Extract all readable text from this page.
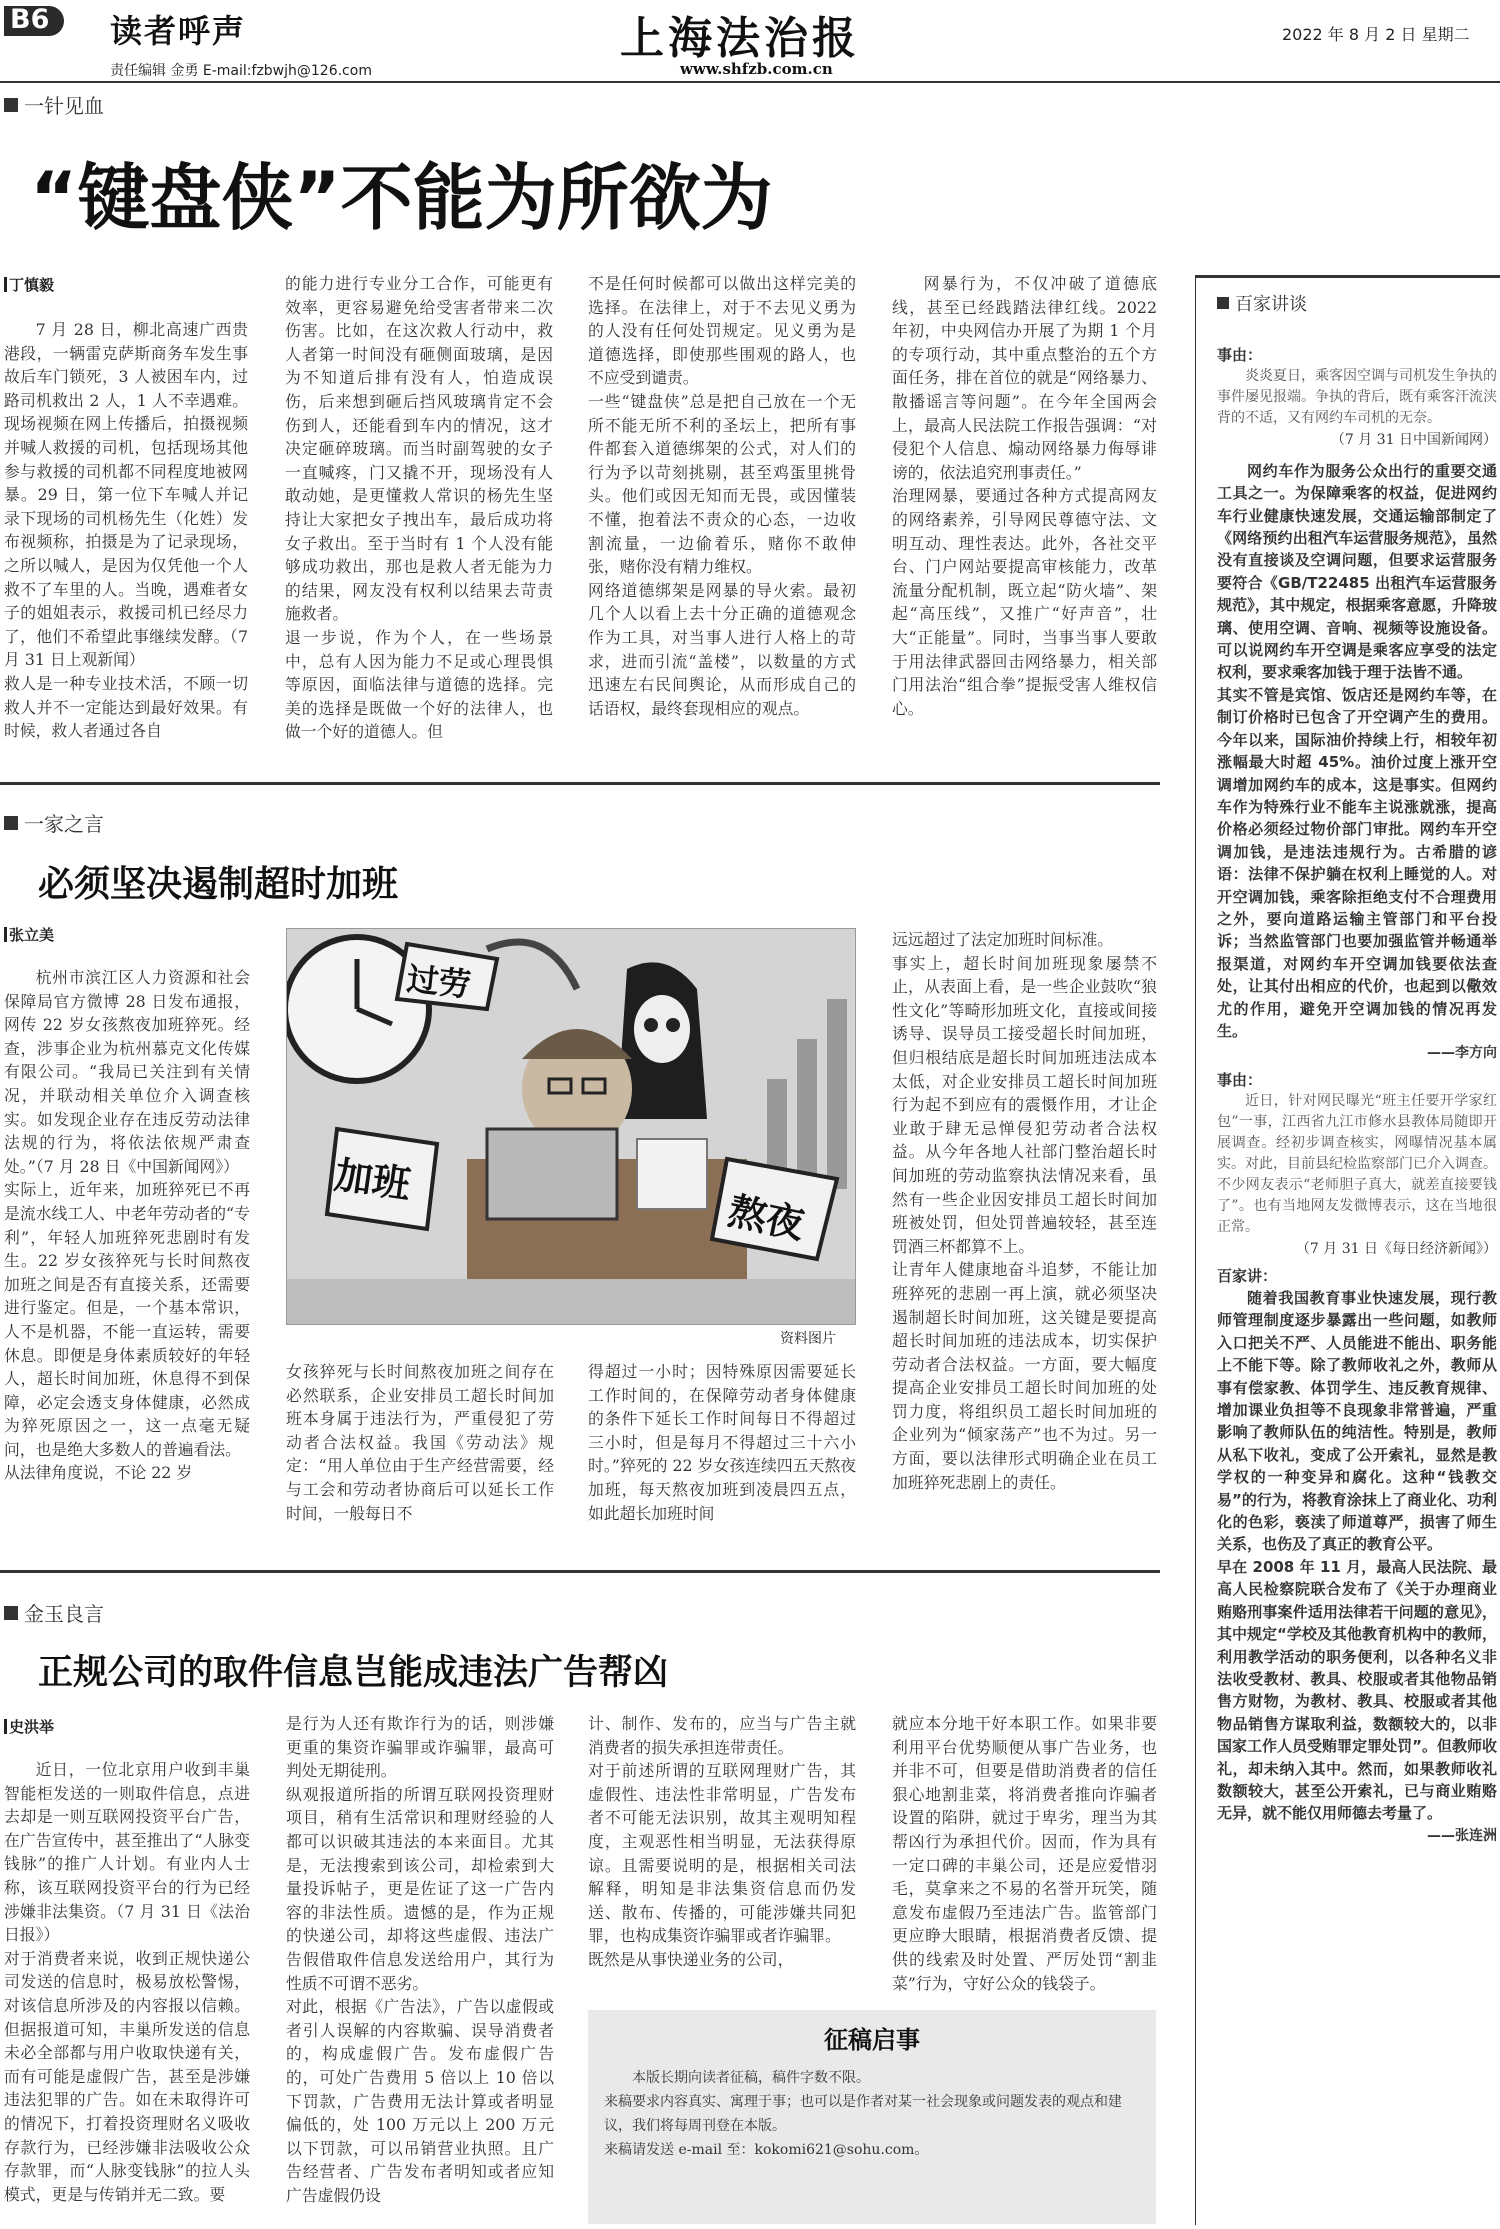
B6 读者呼声
责任编辑 金勇 E-mail:fzbwjh@126.com
上海法治报
www.shfzb.com.cn
2022 年 8 月 2 日 星期二
一针见血
“键盘侠”不能为所欲为
丁慎毅
7 月 28 日，柳北高速广西贵港段，一辆雷克萨斯商务车发生事故后车门锁死，3 人被困车内，过路司机救出 2 人，1 人不幸遇难。现场视频在网上传播后，拍摄视频并喊人救援的司机，包括现场其他参与救援的司机都不同程度地被网暴。29 日，第一位下车喊人并记录下现场的司机杨先生（化姓）发布视频称，拍摄是为了记录现场，之所以喊人，是因为仅凭他一个人救不了车里的人。当晚，遇难者女子的姐姐表示，救援司机已经尽力了，他们不希望此事继续发酵。（7 月 31 日上观新闻）
救人是一种专业技术活，不顾一切救人并不一定能达到最好效果。有时候，救人者通过各自
的能力进行专业分工合作，可能更有效率，更容易避免给受害者带来二次伤害。比如，在这次救人行动中，救人者第一时间没有砸侧面玻璃，是因为不知道后排有没有人，怕造成误伤，后来想到砸后挡风玻璃肯定不会伤到人，还能看到车内的情况，这才决定砸碎玻璃。而当时副驾驶的女子一直喊疼，门又撬不开，现场没有人敢动她，是更懂救人常识的杨先生坚持让大家把女子拽出车，最后成功将女子救出。至于当时有 1 个人没有能够成功救出，那也是救人者无能为力的结果，网友没有权利以结果去苛责施救者。
退一步说，作为个人，在一些场景中，总有人因为能力不足或心理畏惧等原因，面临法律与道德的选择。完美的选择是既做一个好的法律人，也做一个好的道德人。但
不是任何时候都可以做出这样完美的选择。在法律上，对于不去见义勇为的人没有任何处罚规定。见义勇为是道德选择，即使那些围观的路人，也不应受到谴责。
一些“键盘侠”总是把自己放在一个无所不能无所不利的圣坛上，把所有事件都套入道德绑架的公式，对人们的行为予以苛刻挑剔，甚至鸡蛋里挑骨头。他们或因无知而无畏，或因懂装不懂，抱着法不责众的心态，一边收割流量，一边偷着乐，赌你不敢伸张，赌你没有精力维权。
网络道德绑架是网暴的导火索。最初几个人以看上去十分正确的道德观念作为工具，对当事人进行人格上的苛求，进而引流“盖楼”，以数量的方式迅速左右民间舆论，从而形成自己的话语权，最终套现相应的观点。
网暴行为，不仅冲破了道德底线，甚至已经践踏法律红线。2022 年初，中央网信办开展了为期 1 个月的专项行动，其中重点整治的五个方面任务，排在首位的就是“网络暴力、散播谣言等问题”。在今年全国两会上，最高人民法院工作报告强调：“对侵犯个人信息、煽动网络暴力侮辱诽谤的，依法追究刑事责任。”
治理网暴，要通过各种方式提高网友的网络素养，引导网民尊德守法、文明互动、理性表达。此外，各社交平台、门户网站要提高审核能力，改革流量分配机制，既立起“防火墙”、架起“高压线”，又推广“好声音”，壮大“正能量”。同时，当事当事人要敢于用法律武器回击网络暴力，相关部门用法治“组合拳”提振受害人维权信心。
一家之言
必须坚决遏制超时加班
张立美
杭州市滨江区人力资源和社会保障局官方微博 28 日发布通报，网传 22 岁女孩熬夜加班猝死。经查，涉事企业为杭州慕克文化传媒有限公司。“我局已关注到有关情况，并联动相关单位介入调查核实。如发现企业存在违反劳动法律法规的行为，将依法依规严肃查处。”（7 月 28 日《中国新闻网》）
实际上，近年来，加班猝死已不再是流水线工人、中老年劳动者的“专利”，年轻人加班猝死悲剧时有发生。22 岁女孩猝死与长时间熬夜加班之间是否有直接关系，还需要进行鉴定。但是，一个基本常识，人不是机器，不能一直运转，需要休息。即便是身体素质较好的年轻人，超长时间加班，休息得不到保障，必定会透支身体健康，必然成为猝死原因之一，这一点毫无疑问，也是绝大多数人的普遍看法。
从法律角度说，不论 22 岁
过劳
加班
熬夜
资料图片
女孩猝死与长时间熬夜加班之间存在必然联系，企业安排员工超长时间加班本身属于违法行为，严重侵犯了劳动者合法权益。我国《劳动法》规定：“用人单位由于生产经营需要，经与工会和劳动者协商后可以延长工作时间，一般每日不
得超过一小时；因特殊原因需要延长工作时间的，在保障劳动者身体健康的条件下延长工作时间每日不得超过三小时，但是每月不得超过三十六小时。”猝死的 22 岁女孩连续四五天熬夜加班，每天熬夜加班到凌晨四五点，如此超长加班时间
远远超过了法定加班时间标准。
事实上，超长时间加班现象屡禁不止，从表面上看，是一些企业鼓吹“狼性文化”等畸形加班文化，直接或间接诱导、误导员工接受超长时间加班，但归根结底是超长时间加班违法成本太低，对企业安排员工超长时间加班行为起不到应有的震慑作用，才让企业敢于肆无忌惮侵犯劳动者合法权益。从今年各地人社部门整治超长时间加班的劳动监察执法情况来看，虽然有一些企业因安排员工超长时间加班被处罚，但处罚普遍较轻，甚至连罚酒三杯都算不上。
让青年人健康地奋斗追梦，不能让加班猝死的悲剧一再上演，就必须坚决遏制超长时间加班，这关键是要提高超长时间加班的违法成本，切实保护劳动者合法权益。一方面，要大幅度提高企业安排员工超长时间加班的处罚力度，将组织员工超长时间加班的企业列为“倾家荡产”也不为过。另一方面，要以法律形式明确企业在员工加班猝死悲剧上的责任。
金玉良言
正规公司的取件信息岂能成违法广告帮凶
史洪举
近日，一位北京用户收到丰巢智能柜发送的一则取件信息，点进去却是一则互联网投资平台广告，在广告宣传中，甚至推出了“人脉变钱脉”的推广人计划。有业内人士称，该互联网投资平台的行为已经涉嫌非法集资。（7 月 31 日《法治日报》）
对于消费者来说，收到正规快递公司发送的信息时，极易放松警惕，对该信息所涉及的内容报以信赖。但据报道可知，丰巢所发送的信息未必全部都与用户收取快递有关，而有可能是虚假广告，甚至是涉嫌违法犯罪的广告。如在未取得许可的情况下，打着投资理财名义吸收存款行为，已经涉嫌非法吸收公众存款罪，而“人脉变钱脉”的拉人头模式，更是与传销并无二致。要
是行为人还有欺诈行为的话，则涉嫌更重的集资诈骗罪或诈骗罪，最高可判处无期徒刑。
纵观报道所指的所谓互联网投资理财项目，稍有生活常识和理财经验的人都可以识破其违法的本来面目。尤其是，无法搜索到该公司，却检索到大量投诉帖子，更是佐证了这一广告内容的非法性质。遗憾的是，作为正规的快递公司，却将这些虚假、违法广告假借取件信息发送给用户，其行为性质不可谓不恶劣。
对此，根据《广告法》，广告以虚假或者引人误解的内容欺骗、误导消费者的，构成虚假广告。发布虚假广告的，可处广告费用 5 倍以上 10 倍以下罚款，广告费用无法计算或者明显偏低的，处 100 万元以上 200 万元以下罚款，可以吊销营业执照。且广告经营者、广告发布者明知或者应知广告虚假仍设
计、制作、发布的，应当与广告主就消费者的损失承担连带责任。
对于前述所谓的互联网理财广告，其虚假性、违法性非常明显，广告发布者不可能无法识别，故其主观明知程度，主观恶性相当明显，无法获得原谅。且需要说明的是，根据相关司法解释，明知是非法集资信息而仍发送、散布、传播的，可能涉嫌共同犯罪，也构成集资诈骗罪或者诈骗罪。
既然是从事快递业务的公司，
就应本分地干好本职工作。如果非要利用平台优势顺便从事广告业务，也并非不可，但要是借助消费者的信任狠心地割韭菜，将消费者推向诈骗者设置的陷阱，就过于卑劣，理当为其帮凶行为承担代价。因而，作为具有一定口碑的丰巢公司，还是应爱惜羽毛，莫拿来之不易的名誉开玩笑，随意发布虚假乃至违法广告。监管部门更应睁大眼睛，根据消费者反馈、提供的线索及时处置、严厉处罚“割韭菜”行为，守好公众的钱袋子。
征稿启事
本版长期向读者征稿，稿件字数不限。
来稿要求内容真实、寓理于事；也可以是作者对某一社会现象或问题发表的观点和建议，我们将每周刊登在本版。
来稿请发送 e-mail 至：kokomi621@sohu.com。
百家讲谈
事由：
炎炎夏日，乘客因空调与司机发生争执的事件屡见报端。争执的背后，既有乘客汗流浃背的不适，又有网约车司机的无奈。
（7 月 31 日中国新闻网）
网约车作为服务公众出行的重要交通工具之一。为保障乘客的权益，促进网约车行业健康快速发展，交通运输部制定了《网络预约出租汽车运营服务规范》，虽然没有直接谈及空调问题，但要求运营服务要符合《GB/T22485 出租汽车运营服务规范》，其中规定，根据乘客意愿，升降玻璃、使用空调、音响、视频等设施设备。可以说网约车开空调是乘客应享受的法定权利，要求乘客加钱于理于法皆不通。
其实不管是宾馆、饭店还是网约车等，在制订价格时已包含了开空调产生的费用。今年以来，国际油价持续上行，相较年初涨幅最大时超 45%。油价过度上涨开空调增加网约车的成本，这是事实。但网约车作为特殊行业不能车主说涨就涨，提高价格必须经过物价部门审批。网约车开空调加钱，是违法违规行为。古希腊的谚语：法律不保护躺在权利上睡觉的人。对开空调加钱，乘客除拒绝支付不合理费用之外，要向道路运输主管部门和平台投诉；当然监管部门也要加强监管并畅通举报渠道，对网约车开空调加钱要依法查处，让其付出相应的代价，也起到以儆效尤的作用，避免开空调加钱的情况再发生。
——李方向
事由：
近日，针对网民曝光“班主任要开学家红包”一事，江西省九江市修水县教体局随即开展调查。经初步调查核实，网曝情况基本属实。对此，目前县纪检监察部门已介入调查。不少网友表示“老师胆子真大，就差直接要钱了”。也有当地网友发微博表示，这在当地很正常。
（7 月 31 日《每日经济新闻》）
百家讲：
随着我国教育事业快速发展，现行教师管理制度逐步暴露出一些问题，如教师入口把关不严、人员能进不能出、职务能上不能下等。除了教师收礼之外，教师从事有偿家教、体罚学生、违反教育规律、增加课业负担等不良现象非常普遍，严重影响了教师队伍的纯洁性。特别是，教师从私下收礼，变成了公开索礼，显然是教学权的一种变异和腐化。这种“钱教交易”的行为，将教育涂抹上了商业化、功利化的色彩，亵渎了师道尊严，损害了师生关系，也伤及了真正的教育公平。
早在 2008 年 11 月，最高人民法院、最高人民检察院联合发布了《关于办理商业贿赂刑事案件适用法律若干问题的意见》，其中规定“学校及其他教育机构中的教师，利用教学活动的职务便利，以各种名义非法收受教材、教具、校服或者其他物品销售方财物，为教材、教具、校服或者其他物品销售方谋取利益，数额较大的，以非国家工作人员受贿罪定罪处罚”。但教师收礼，却未纳入其中。然而，如果教师收礼数额较大，甚至公开索礼，已与商业贿赂无异，就不能仅用师德去考量了。
——张连洲
